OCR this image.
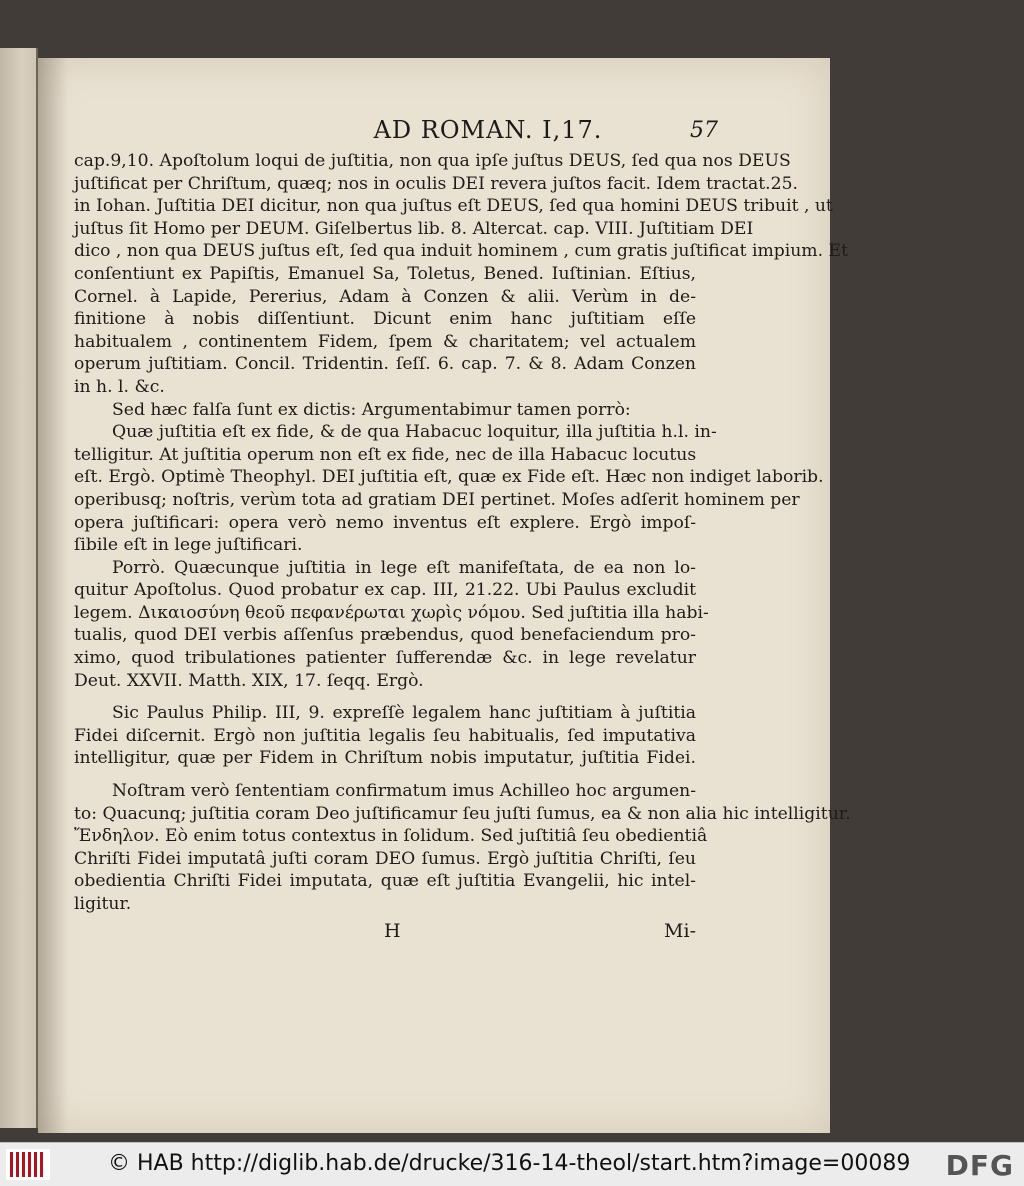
AD ROMAN. I,17.	57
cap.9,10. Apoſtolum loqui de juſtitia, non qua ipſe juſtus DEUS, ſed qua nos DEUS
juſtificat per Chriſtum, quæq; nos in oculis DEI revera juſtos facit. Idem tractat.25.
in Iohan. Juſtitia DEI dicitur, non qua juſtus eſt DEUS, ſed qua homini DEUS tribuit , ut
juſtus ſit Homo per DEUM. Giſelbertus lib. 8. Altercat. cap. VIII. Juſtitiam DEI
dico , non qua DEUS juſtus eſt, ſed qua induit hominem , cum gratis juſtificat impium. Et
conſentiunt ex Papiſtis, Emanuel Sa, Toletus, Bened. Iuſtinian. Eſtius,
Cornel. à Lapide, Pererius, Adam à Conzen & alii. Verùm in de-
finitione à nobis diſſentiunt. Dicunt enim hanc juſtitiam eſſe
habitualem , continentem Fidem, ſpem & charitatem; vel actualem
operum juſtitiam. Concil. Tridentin. ſeſſ. 6. cap. 7. & 8. Adam Conzen
in h. l. &c.
Sed hæc falſa ſunt ex dictis: Argumentabimur tamen porrò:
Quæ juſtitia eſt ex fide, & de qua Habacuc loquitur, illa juſtitia h.l. in-
telligitur. At juſtitia operum non eſt ex fide, nec de illa Habacuc locutus
eſt. Ergò. Optimè Theophyl. DEI juſtitia eſt, quæ ex Fide eſt. Hæc non indiget laborib.
operibusq; noſtris, verùm tota ad gratiam DEI pertinet. Moſes adſerit hominem per
opera juſtificari: opera verò nemo inventus eſt explere. Ergò impoſ-
ſibile eſt in lege juſtificari.
Porrò. Quæcunque juſtitia in lege eſt manifeſtata, de ea non lo-
quitur Apoſtolus. Quod probatur ex cap. III, 21.22. Ubi Paulus excludit
legem. Δικαιοσύνη θεοῦ πεφανέρωται χωρὶς νόμου. Sed juſtitia illa habi-
tualis, quod DEI verbis aſſenſus præbendus, quod benefaciendum pro-
ximo, quod tribulationes patienter ſufferendæ &c. in lege revelatur
Deut. XXVII. Matth. XIX, 17. ſeqq. Ergò.
Sic Paulus Philip. III, 9. expreſſè legalem hanc juſtitiam à juſtitia
Fidei diſcernit. Ergò non juſtitia legalis ſeu habitualis, ſed imputativa
intelligitur, quæ per Fidem in Chriſtum nobis imputatur, juſtitia Fidei.
Noſtram verò ſententiam confirmatum imus Achilleo hoc argumen-
to: Quacunq; juſtitia coram Deo juſtificamur ſeu juſti ſumus, ea & non alia hic intelligitur.
Ἔνδηλον. Eò enim totus contextus in ſolidum. Sed juſtitiâ ſeu obedientiâ
Chriſti Fidei imputatâ juſti coram DEO ſumus. Ergò juſtitia Chriſti, ſeu
obedientia Chriſti Fidei imputata, quæ eſt juſtitia Evangelii, hic intel-
ligitur.
H	Mi-
© HAB http://diglib.hab.de/drucke/316-14-theol/start.htm?image=00089 DFG
